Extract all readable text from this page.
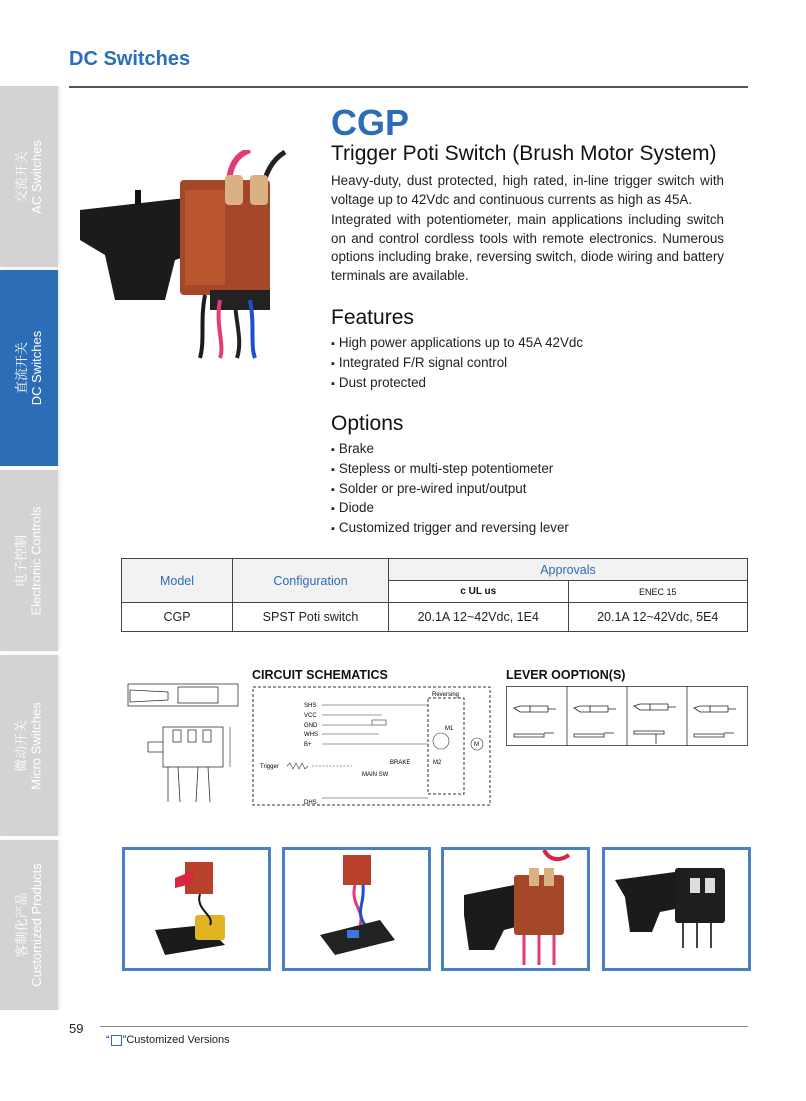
DC Switches
交流开关 AC Switches
直流开关 DC Switches
电子控制 Electronic Controls
微动开关 Micro Switches
客制化产品 Customized Products
CGP
Trigger Poti Switch (Brush Motor System)
Heavy-duty, dust protected, high rated, in-line trigger switch with voltage up to 42Vdc and continuous currents as high as 45A.
Integrated with potentiometer, main applications including switch on and control cordless tools with remote electronics. Numerous options including brake, reversing switch, diode wiring and battery terminals are available.
Features
▪ High power applications up to 45A 42Vdc
▪ Integrated F/R signal control
▪ Dust protected
Options
▪ Brake
▪ Stepless or multi-step potentiometer
▪ Solder or pre-wired input/output
▪ Diode
▪ Customized trigger and reversing lever
Model	Configuration	Approvals	
		c UL us	ENEC 15
CGP	SPST Poti switch	20.1A 12~42Vdc, 1E4	20.1A 12~42Vdc, 5E4
CIRCUIT SCHEMATICS
Reversing
SHS
VCC
GND
WHS
B+
Trigger
DHS
BRAKE
MAIN SW
M1
M2
M
LEVER OOPTION(S)
59
“ ”Customized Versions
